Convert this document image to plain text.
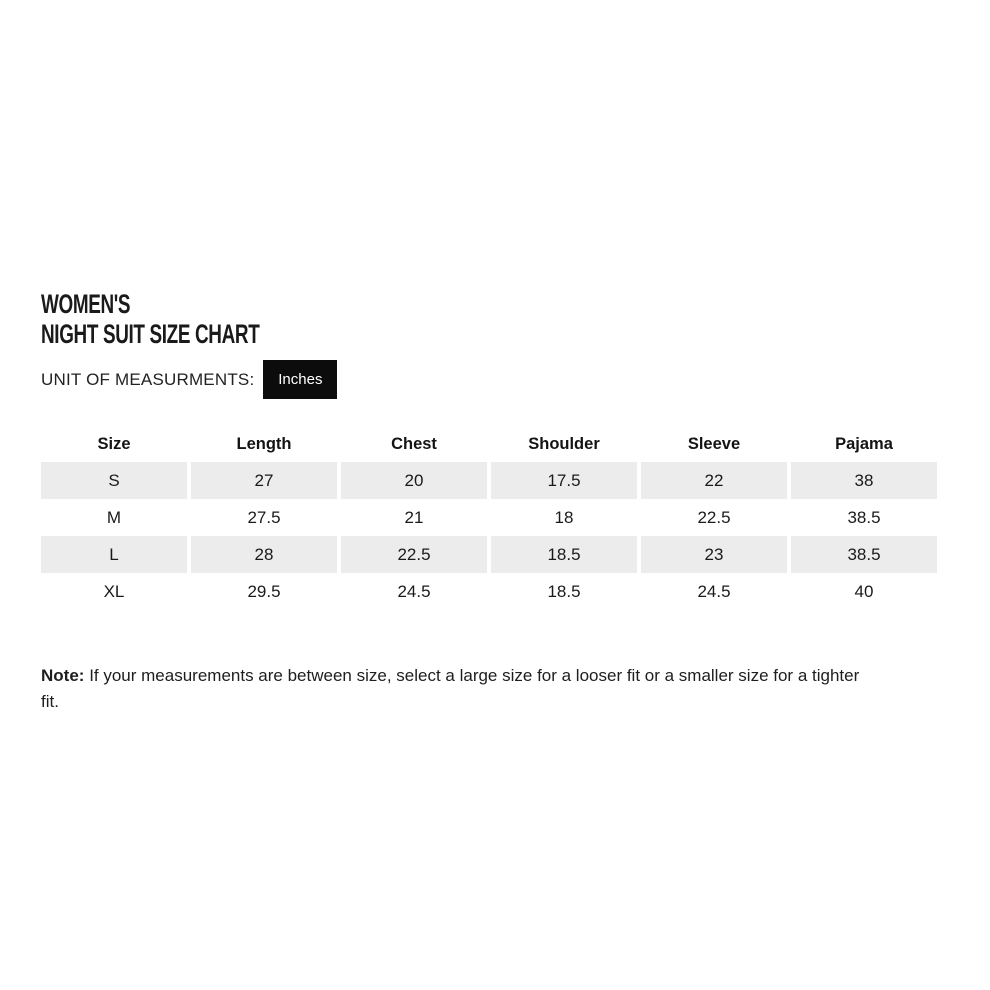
WOMEN'S
NIGHT SUIT SIZE CHART
UNIT OF MEASURMENTS:	Inches
Size	Length	Chest	Shoulder	Sleeve	Pajama
S	27	20	17.5	22	38
M	27.5	21	18	22.5	38.5
L	28	22.5	18.5	23	38.5
XL	29.5	24.5	18.5	24.5	40

Note: If your measurements are between size, select a large size for a looser fit or a smaller size for a tighter fit.
